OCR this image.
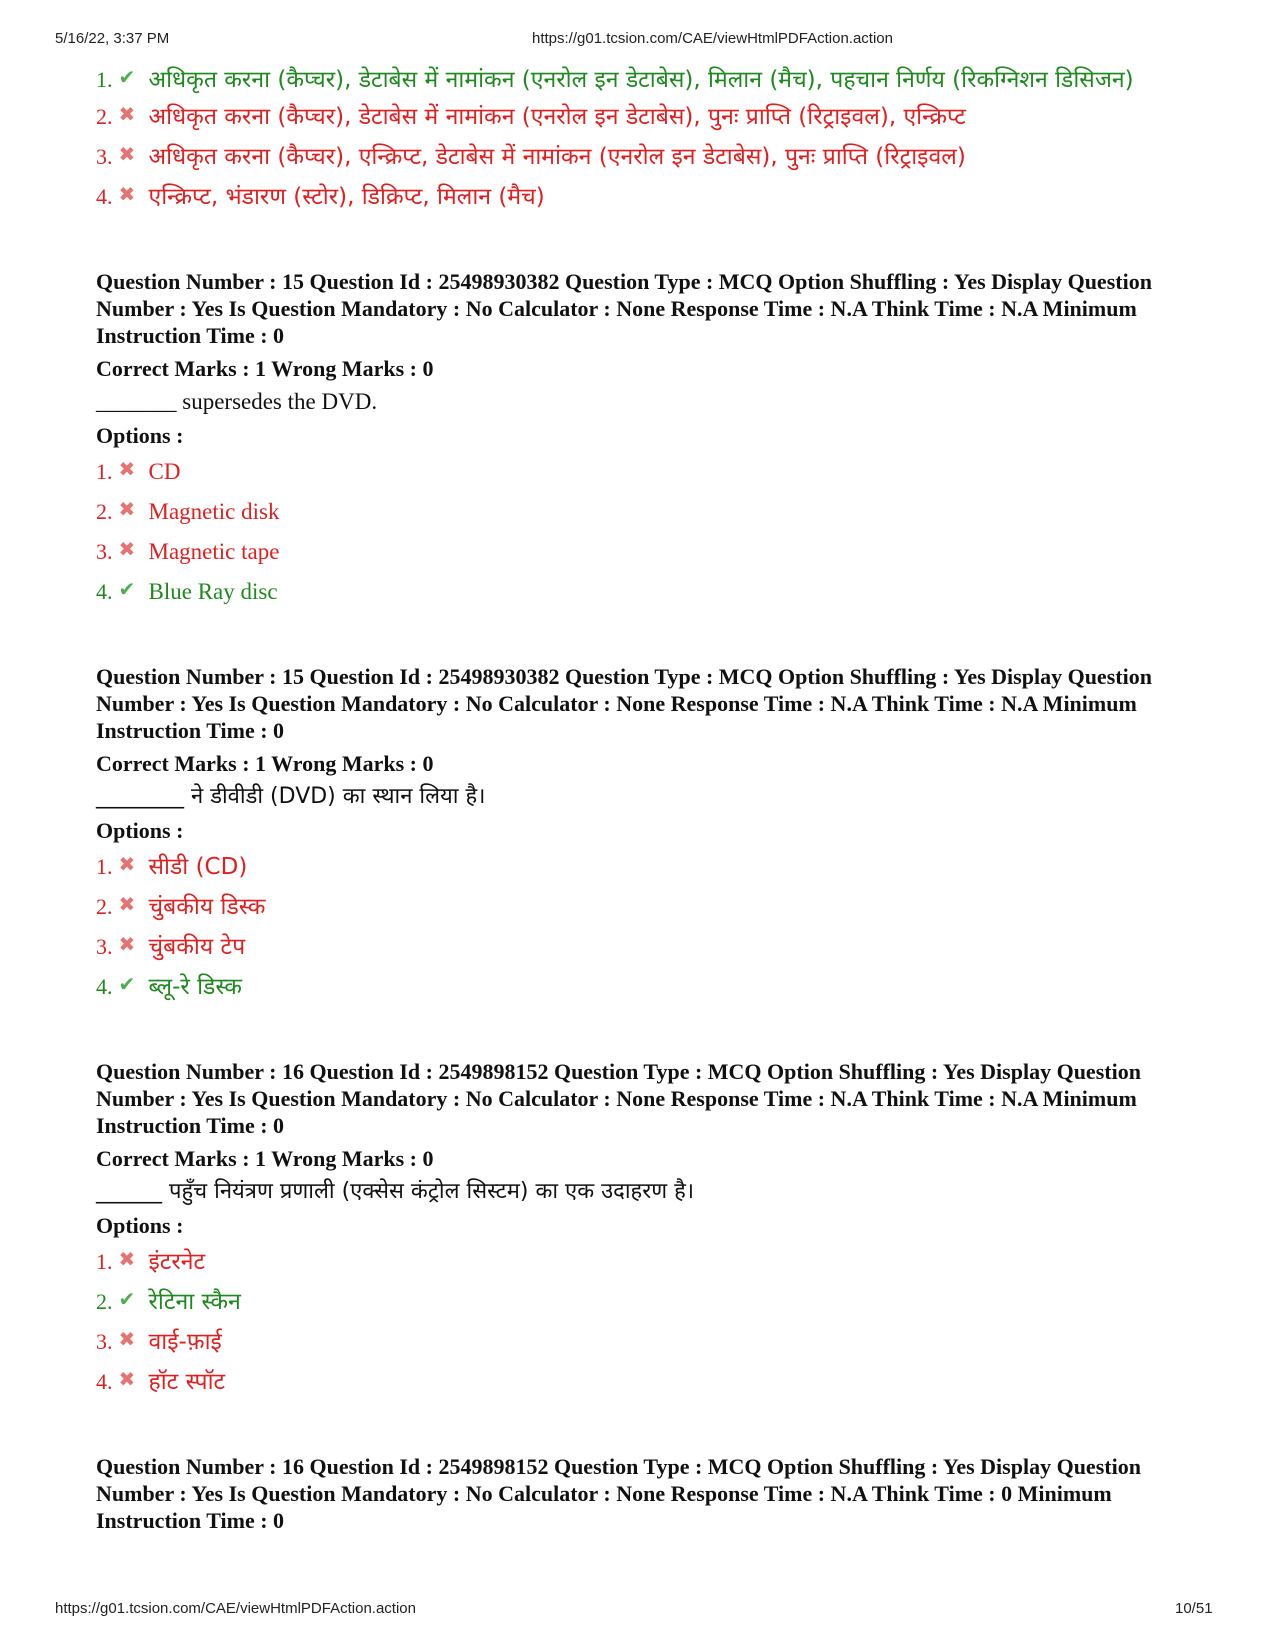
5/16/22, 3:37 PM	https://g01.tcsion.com/CAE/viewHtmlPDFAction.action
1. ✔ अधिकृत करना (कैप्चर), डेटाबेस में नामांकन (एनरोल इन डेटाबेस), मिलान (मैच), पहचान निर्णय (रिकग्निशन डिसिजन)
2. ✖ अधिकृत करना (कैप्चर), डेटाबेस में नामांकन (एनरोल इन डेटाबेस), पुनः प्राप्ति (रिट्राइवल), एन्क्रिप्ट
3. ✖ अधिकृत करना (कैप्चर), एन्क्रिप्ट, डेटाबेस में नामांकन (एनरोल इन डेटाबेस), पुनः प्राप्ति (रिट्राइवल)
4. ✖ एन्क्रिप्ट, भंडारण (स्टोर), डिक्रिप्ट, मिलान (मैच)

Question Number : 15 Question Id : 25498930382 Question Type : MCQ Option Shuffling : Yes Display Question Number : Yes Is Question Mandatory : No Calculator : None Response Time : N.A Think Time : N.A Minimum Instruction Time : 0

Correct Marks : 1 Wrong Marks : 0
_______ supersedes the DVD.
Options :
1. ✖ CD
2. ✖ Magnetic disk
3. ✖ Magnetic tape
4. ✔ Blue Ray disc

Question Number : 15 Question Id : 25498930382 Question Type : MCQ Option Shuffling : Yes Display Question Number : Yes Is Question Mandatory : No Calculator : None Response Time : N.A Think Time : N.A Minimum Instruction Time : 0

Correct Marks : 1 Wrong Marks : 0
________ ने डीवीडी (DVD) का स्थान लिया है।
Options :
1. ✖ सीडी (CD)
2. ✖ चुंबकीय डिस्क
3. ✖ चुंबकीय टेप
4. ✔ ब्लू-रे डिस्क

Question Number : 16 Question Id : 2549898152 Question Type : MCQ Option Shuffling : Yes Display Question Number : Yes Is Question Mandatory : No Calculator : None Response Time : N.A Think Time : N.A Minimum Instruction Time : 0

Correct Marks : 1 Wrong Marks : 0
______ पहुँच नियंत्रण प्रणाली (एक्सेस कंट्रोल सिस्टम) का एक उदाहरण है।
Options :
1. ✖ इंटरनेट
2. ✔ रेटिना स्कैन
3. ✖ वाई-फ़ाई
4. ✖ हॉट स्पॉट

Question Number : 16 Question Id : 2549898152 Question Type : MCQ Option Shuffling : Yes Display Question Number : Yes Is Question Mandatory : No Calculator : None Response Time : N.A Think Time : 0 Minimum Instruction Time : 0

https://g01.tcsion.com/CAE/viewHtmlPDFAction.action	10/51
